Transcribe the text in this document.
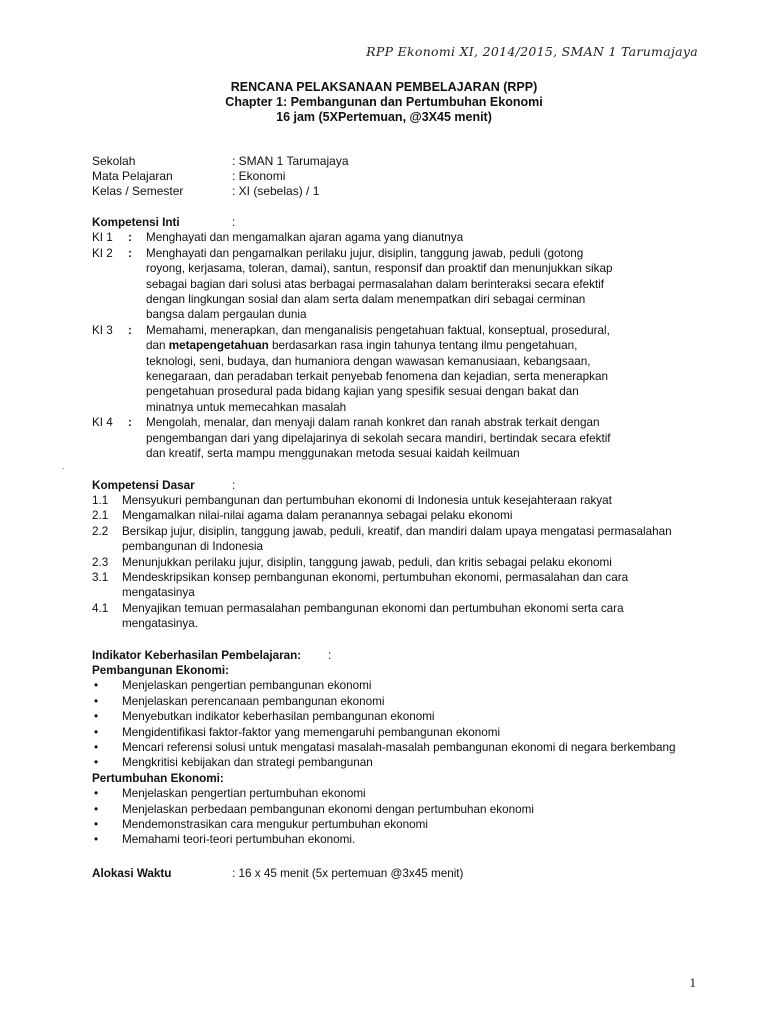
RPP Ekonomi XI, 2014/2015, SMAN 1 Tarumajaya
RENCANA PELAKSANAAN PEMBELAJARAN (RPP)
Chapter 1: Pembangunan dan Pertumbuhan Ekonomi
16 jam (5XPertemuan, @3X45 menit)
Sekolah	: SMAN 1 Tarumajaya
Mata Pelajaran	: Ekonomi
Kelas / Semester	: XI (sebelas) / 1
.
Kompetensi Inti	:
KI 1	:	Menghayati dan mengamalkan ajaran agama yang dianutnya
KI 2	:	Menghayati dan pengamalkan perilaku jujur, disiplin, tanggung jawab, peduli (gotong
royong, kerjasama, toleran, damai), santun, responsif dan proaktif dan menunjukkan sikap
sebagai bagian dari solusi atas berbagai permasalahan dalam berinteraksi secara efektif
dengan lingkungan sosial dan alam serta dalam menempatkan diri sebagai cerminan
bangsa dalam pergaulan dunia
KI 3	:	Memahami, menerapkan, dan menganalisis pengetahuan faktual, konseptual, prosedural,
dan metapengetahuan berdasarkan rasa ingin tahunya tentang ilmu pengetahuan,
teknologi, seni, budaya, dan humaniora dengan wawasan kemanusiaan, kebangsaan,
kenegaraan, dan peradaban terkait penyebab fenomena dan kejadian, serta menerapkan
pengetahuan prosedural pada bidang kajian yang spesifik sesuai dengan bakat dan
minatnya untuk memecahkan masalah
KI 4	:	Mengolah, menalar, dan menyaji dalam ranah konkret dan ranah abstrak terkait dengan
pengembangan dari yang dipelajarinya di sekolah secara mandiri, bertindak secara efektif
dan kreatif, serta mampu menggunakan metoda sesuai kaidah keilmuan
Kompetensi Dasar	:
1.1	Mensyukuri pembangunan dan pertumbuhan ekonomi di Indonesia untuk kesejahteraan rakyat
2.1	Mengamalkan nilai-nilai agama dalam peranannya sebagai pelaku ekonomi
2.2	Bersikap jujur, disiplin, tanggung jawab, peduli, kreatif, dan mandiri dalam upaya mengatasi permasalahan
pembangunan di Indonesia
2.3	Menunjukkan perilaku jujur, disiplin, tanggung jawab, peduli, dan kritis sebagai pelaku ekonomi
3.1	Mendeskripsikan konsep pembangunan ekonomi, pertumbuhan ekonomi, permasalahan dan cara
mengatasinya
4.1	Menyajikan temuan permasalahan pembangunan ekonomi dan pertumbuhan ekonomi serta cara
mengatasinya.
Indikator Keberhasilan Pembelajaran:	:
Pembangunan Ekonomi:
•	Menjelaskan pengertian pembangunan ekonomi
•	Menjelaskan perencanaan pembangunan ekonomi
•	Menyebutkan indikator keberhasilan pembangunan ekonomi
•	Mengidentifikasi faktor-faktor yang memengaruhi pembangunan ekonomi
•	Mencari referensi solusi untuk mengatasi masalah-masalah pembangunan ekonomi di negara berkembang
•	Mengkritisi kebijakan dan strategi pembangunan
Pertumbuhan Ekonomi:
•	Menjelaskan pengertian pertumbuhan ekonomi
•	Menjelaskan perbedaan pembangunan ekonomi dengan pertumbuhan ekonomi
•	Mendemonstrasikan cara mengukur pertumbuhan ekonomi
•	Memahami teori-teori pertumbuhan ekonomi.
Alokasi Waktu	: 16 x 45 menit (5x pertemuan @3x45 menit)
1
